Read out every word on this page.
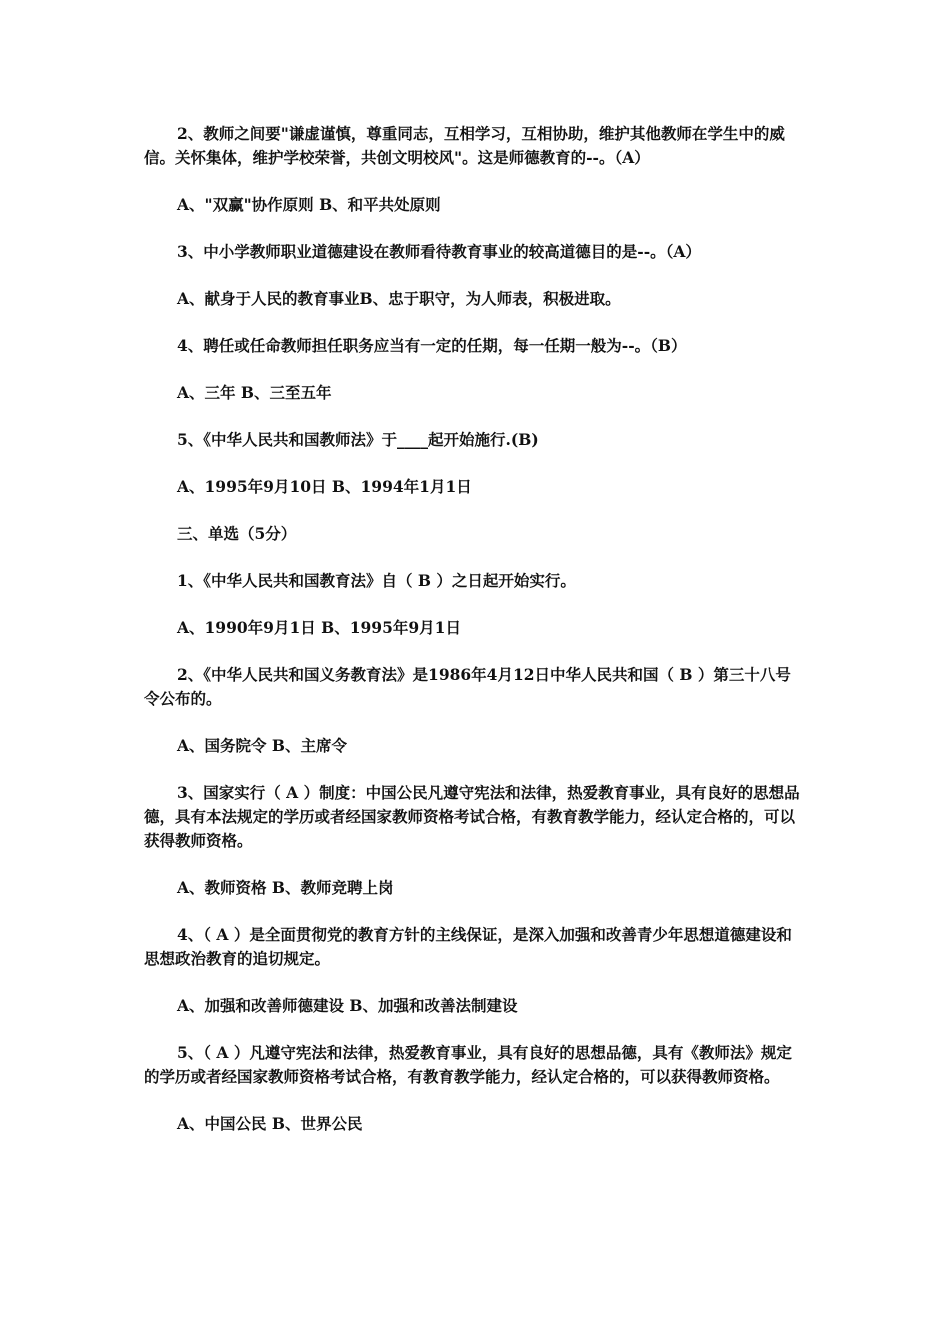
2、教师之间要"谦虚谨慎，尊重同志，互相学习，互相协助，维护其他教师在学生中的威信。关怀集体，维护学校荣誉，共创文明校风"。这是师德教育的--。（A）

A、"双赢"协作原则 B、和平共处原则

3、中小学教师职业道德建设在教师看待教育事业的较高道德目的是--。（A）

A、献身于人民的教育事业B、忠于职守，为人师表，积极进取。

4、聘任或任命教师担任职务应当有一定的任期，每一任期一般为--。（B）

A、三年 B、三至五年

5、《中华人民共和国教师法》于____起开始施行.(B)

A、1995年9月10日 B、1994年1月1日

三、单选（5分）

1、《中华人民共和国教育法》自（ B ）之日起开始实行。

A、1990年9月1日 B、1995年9月1日

2、《中华人民共和国义务教育法》是1986年4月12日中华人民共和国（ B ）第三十八号令公布的。

A、国务院令 B、主席令

3、国家实行（ A ）制度：中国公民凡遵守宪法和法律，热爱教育事业，具有良好的思想品德，具有本法规定的学历或者经国家教师资格考试合格，有教育教学能力，经认定合格的，可以获得教师资格。

A、教师资格 B、教师竞聘上岗

4、（ A ）是全面贯彻党的教育方针的主线保证，是深入加强和改善青少年思想道德建设和思想政治教育的追切规定。

A、加强和改善师德建设 B、加强和改善法制建设

5、（ A ）凡遵守宪法和法律，热爱教育事业，具有良好的思想品德，具有《教师法》规定的学历或者经国家教师资格考试合格，有教育教学能力，经认定合格的，可以获得教师资格。

A、中国公民 B、世界公民
